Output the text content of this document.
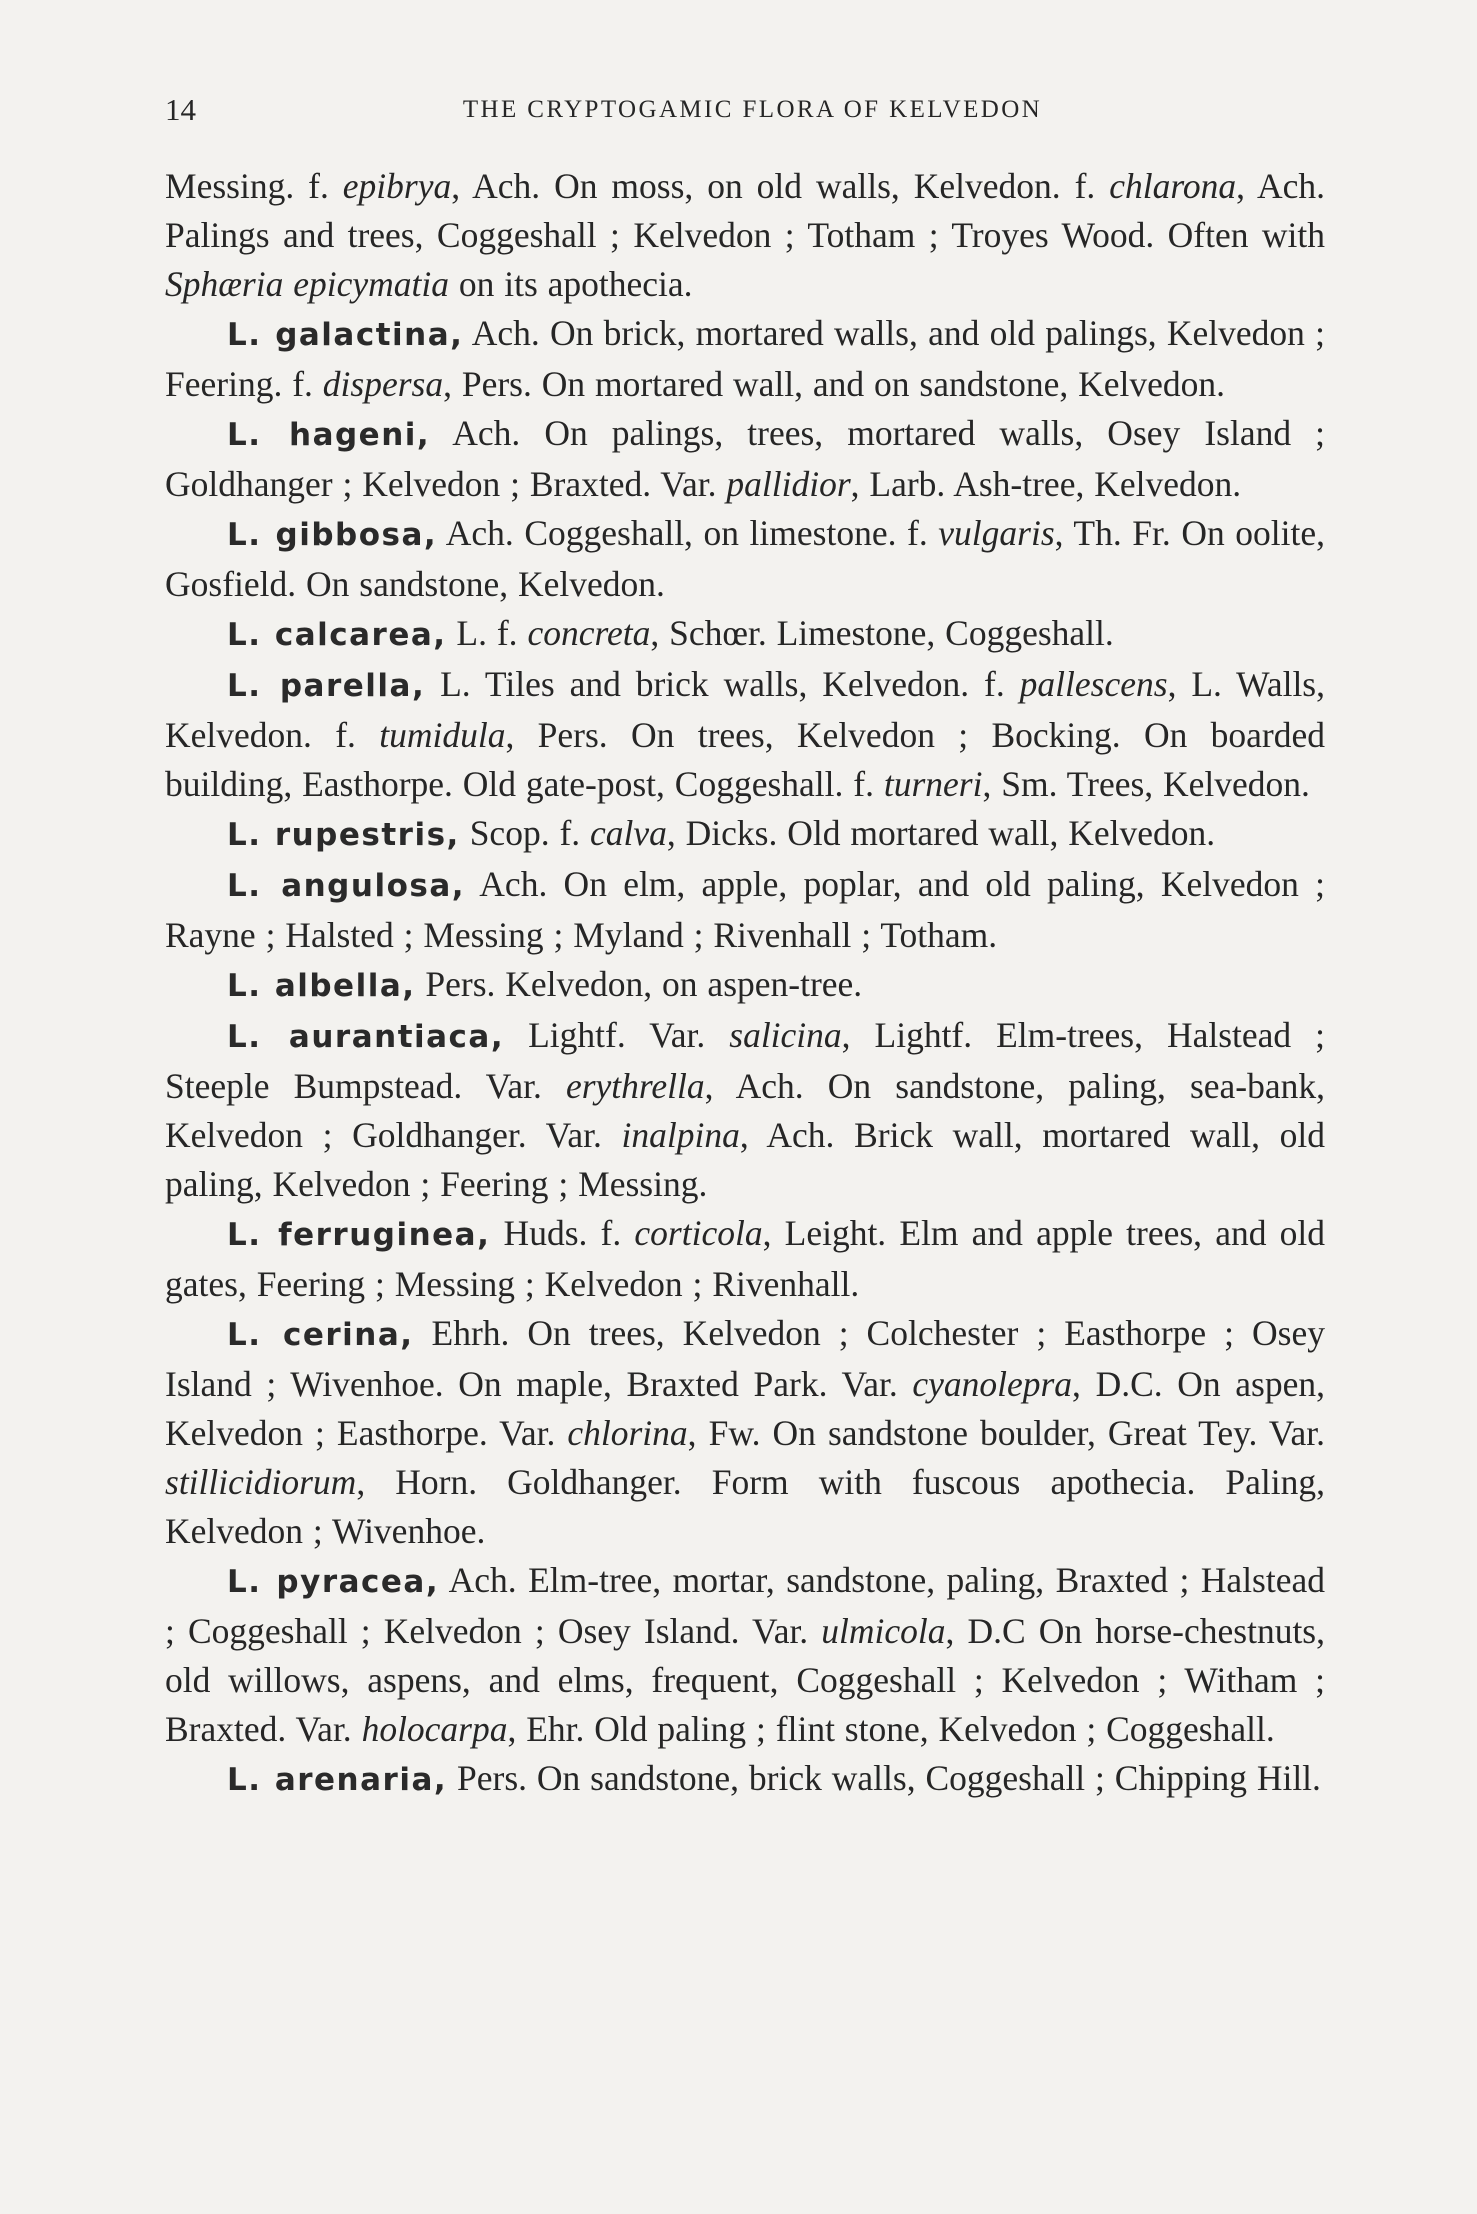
14	THE CRYPTOGAMIC FLORA OF KELVEDON

Messing. f. epibrya, Ach. On moss, on old walls, Kelvedon. f. chlarona, Ach. Palings and trees, Coggeshall ; Kelvedon ; Totham ; Troyes Wood. Often with Sphæria epicymatia on its apothecia.

L. galactina, Ach. On brick, mortared walls, and old palings, Kelvedon ; Feering. f. dispersa, Pers. On mortared wall, and on sandstone, Kelvedon.

L. hageni, Ach. On palings, trees, mortared walls, Osey Island ; Goldhanger ; Kelvedon ; Braxted. Var. pallidior, Larb. Ash-tree, Kelvedon.

L. gibbosa, Ach. Coggeshall, on limestone. f. vulgaris, Th. Fr. On oolite, Gosfield. On sandstone, Kelvedon.

L. calcarea, L. f. concreta, Schœr. Limestone, Coggeshall.

L. parella, L. Tiles and brick walls, Kelvedon. f. pallescens, L. Walls, Kelvedon. f. tumidula, Pers. On trees, Kelvedon ; Bocking. On boarded building, Easthorpe. Old gate-post, Coggeshall. f. turneri, Sm. Trees, Kelvedon.

L. rupestris, Scop. f. calva, Dicks. Old mortared wall, Kelvedon.

L. angulosa, Ach. On elm, apple, poplar, and old paling, Kelvedon ; Rayne ; Halsted ; Messing ; Myland ; Rivenhall ; Totham.

L. albella, Pers. Kelvedon, on aspen-tree.

L. aurantiaca, Lightf. Var. salicina, Lightf. Elm-trees, Halstead ; Steeple Bumpstead. Var. erythrella, Ach. On sandstone, paling, sea-bank, Kelvedon ; Goldhanger. Var. inalpina, Ach. Brick wall, mortared wall, old paling, Kelvedon ; Feering ; Messing.

L. ferruginea, Huds. f. corticola, Leight. Elm and apple trees, and old gates, Feering ; Messing ; Kelvedon ; Rivenhall.

L. cerina, Ehrh. On trees, Kelvedon ; Colchester ; Easthorpe ; Osey Island ; Wivenhoe. On maple, Braxted Park. Var. cyanolepra, D.C. On aspen, Kelvedon ; Easthorpe. Var. chlorina, Fw. On sandstone boulder, Great Tey. Var. stillicidiorum, Horn. Goldhanger. Form with fuscous apothecia. Paling, Kelvedon ; Wivenhoe.

L. pyracea, Ach. Elm-tree, mortar, sandstone, paling, Braxted ; Halstead ; Coggeshall ; Kelvedon ; Osey Island. Var. ulmicola, D.C On horse-chestnuts, old willows, aspens, and elms, frequent, Coggeshall ; Kelvedon ; Witham ; Braxted. Var. holocarpa, Ehr. Old paling ; flint stone, Kelvedon ; Coggeshall.

L. arenaria, Pers. On sandstone, brick walls, Coggeshall ; Chipping Hill.
